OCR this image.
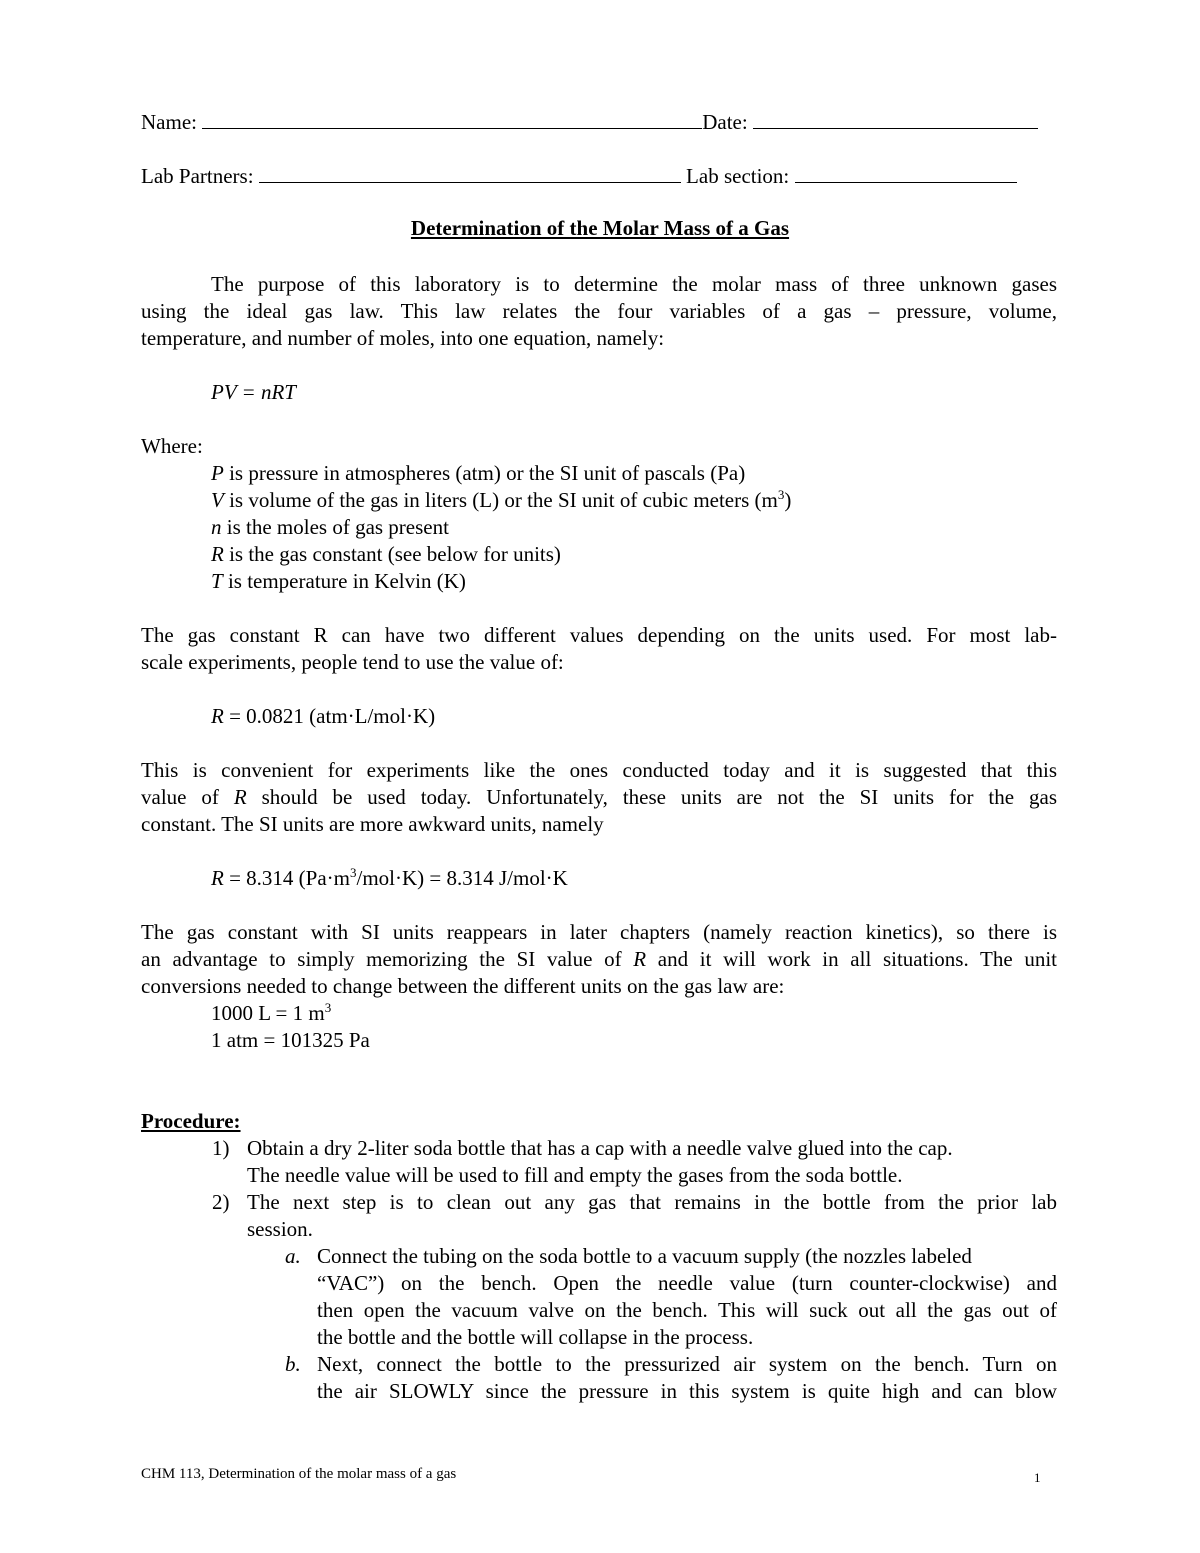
Name:	Date:
Lab Partners:	Lab section:
Determination of the Molar Mass of a Gas
The purpose of this laboratory is to determine the molar mass of three unknown gases
using the ideal gas law. This law relates the four variables of a gas – pressure, volume,
temperature, and number of moles, into one equation, namely:
PV = nRT
Where:
P is pressure in atmospheres (atm) or the SI unit of pascals (Pa)
V is volume of the gas in liters (L) or the SI unit of cubic meters $(m^3)$
n is the moles of gas present
R is the gas constant (see below for units)
T is temperature in Kelvin (K)
The gas constant R can have two different values depending on the units used. For most lab-
scale experiments, people tend to use the value of:
R = 0.0821 (atm·L/mol·K)
This is convenient for experiments like the ones conducted today and it is suggested that this
value of R should be used today. Unfortunately, these units are not the SI units for the gas
constant. The SI units are more awkward units, namely
R = 8.314 $(Pa\cdot m^3/mol\cdot K) = 8.314$ J/mol·K
The gas constant with SI units reappears in later chapters (namely reaction kinetics), so there is
an advantage to simply memorizing the SI value of R and it will work in all situations. The unit
conversions needed to change between the different units on the gas law are:
1000 L = 1 $m^3$
1 atm = 101325 Pa
Procedure:
1) Obtain a dry 2-liter soda bottle that has a cap with a needle valve glued into the cap.
The needle value will be used to fill and empty the gases from the soda bottle.
2) The next step is to clean out any gas that remains in the bottle from the prior lab
session.
a. Connect the tubing on the soda bottle to a vacuum supply (the nozzles labeled
“VAC”) on the bench. Open the needle value (turn counter-clockwise) and
then open the vacuum valve on the bench. This will suck out all the gas out of
the bottle and the bottle will collapse in the process.
b. Next, connect the bottle to the pressurized air system on the bench. Turn on
the air SLOWLY since the pressure in this system is quite high and can blow
CHM 113, Determination of the molar mass of a gas	1
